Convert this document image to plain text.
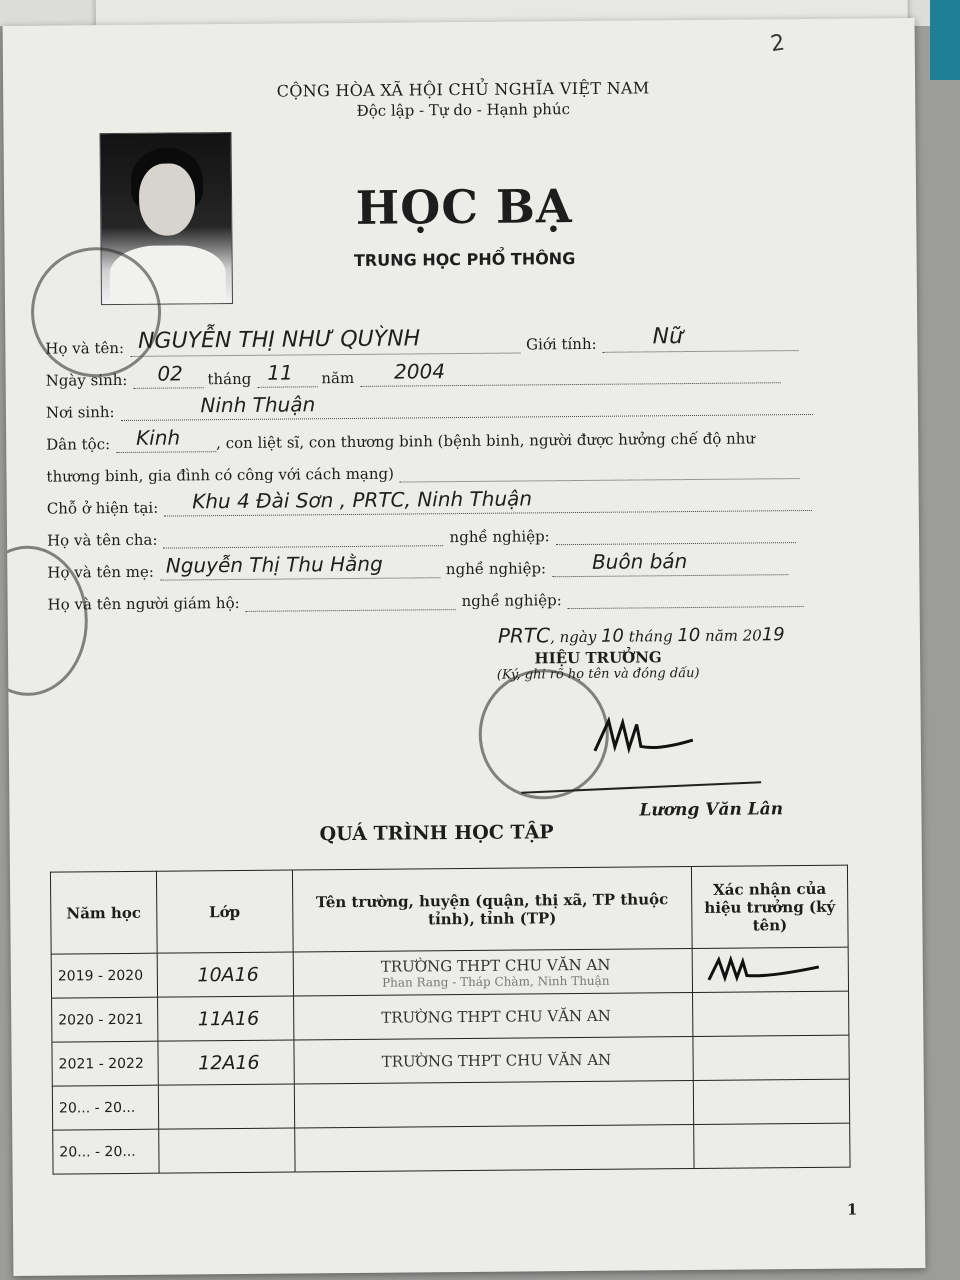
2
CỘNG HÒA XÃ HỘI CHỦ NGHĨA VIỆT NAM
Độc lập - Tự do - Hạnh phúc
HỌC BẠ
TRUNG HỌC PHỔ THÔNG
Họ và tên: NGUYỄN THỊ NHƯ QUỲNH	Giới tính:	Nữ
Ngày sinh: 02 tháng 11 năm 2004
Nơi sinh:	Ninh Thuận
Dân tộc: Kinh , con liệt sĩ, con thương binh (bệnh binh, người được hưởng chế độ như
thương binh, gia đình có công với cách mạng)
Chỗ ở hiện tại: Khu 4 Đài Sơn , PRTC, Ninh Thuận
Họ và tên cha:	nghề nghiệp:
Họ và tên mẹ: Nguyễn Thị Thu Hằng	nghề nghiệp: Buôn bán
Họ và tên người giám hộ:	nghề nghiệp:
PRTC, ngày 10 tháng 10 năm 2019
HIỆU TRƯỞNG
(Ký, ghi rõ họ tên và đóng dấu)
Lương Văn Lân
QUÁ TRÌNH HỌC TẬP
Năm học	Lớp	Tên trường, huyện (quận, thị xã, TP thuộc tỉnh), tỉnh (TP)	Xác nhận của hiệu trưởng (ký tên)
2019 - 2020	10A16	TRƯỜNG THPT CHU VĂN AN
Phan Rang - Tháp Chàm, Ninh Thuận

2020 - 2021	11A16	TRƯỜNG THPT CHU VĂN AN	
2021 - 2022	12A16	TRƯỜNG THPT CHU VĂN AN	
20... - 20...			
20... - 20...			
1
